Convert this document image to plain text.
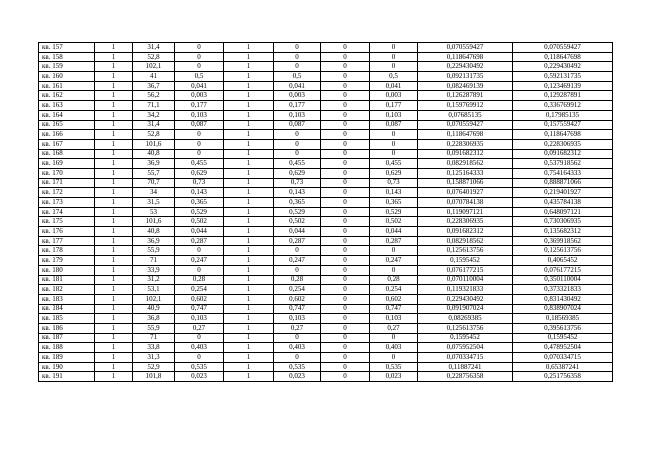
кв. 157	1	31,4	0	1	0	0	0	0,070559427	0,070559427
кв. 158	1	52,8	0	1	0	0	0	0,118647698	0,118647698
кв. 159	1	102,1	0	1	0	0	0	0,229430492	0,229430492
кв. 160	1	41	0,5	1	0,5	0	0,5	0,092131735	0,592131735
кв. 161	1	36,7	0,041	1	0,041	0	0,041	0,082469139	0,123469139
кв. 162	1	56,2	0,003	1	0,003	0	0,003	0,126287891	0,129287891
кв. 163	1	71,1	0,177	1	0,177	0	0,177	0,159769912	0,336769912
кв. 164	1	34,2	0,103	1	0,103	0	0,103	0,07685135	0,17985135
кв. 165	1	31,4	0,087	1	0,087	0	0,087	0,070559427	0,157559427
кв. 166	1	52,8	0	1	0	0	0	0,118647698	0,118647698
кв. 167	1	101,6	0	1	0	0	0	0,228306935	0,228306935
кв. 168	1	40,8	0	1	0	0	0	0,091682312	0,091682312
кв. 169	1	36,9	0,455	1	0,455	0	0,455	0,082918562	0,537918562
кв. 170	1	55,7	0,629	1	0,629	0	0,629	0,125164333	0,754164333
кв. 171	1	70,7	0,73	1	0,73	0	0,73	0,158871066	0,888871066
кв. 172	1	34	0,143	1	0,143	0	0,143	0,076401927	0,219401927
кв. 173	1	31,5	0,365	1	0,365	0	0,365	0,070784138	0,435784138
кв. 174	1	53	0,529	1	0,529	0	0,529	0,119097121	0,648097121
кв. 175	1	101,6	0,502	1	0,502	0	0,502	0,228306935	0,730306935
кв. 176	1	40,8	0,044	1	0,044	0	0,044	0,091682312	0,135682312
кв. 177	1	36,9	0,287	1	0,287	0	0,287	0,082918562	0,369918562
кв. 178	1	55,9	0	1	0	0	0	0,125613756	0,125613756
кв. 179	1	71	0,247	1	0,247	0	0,247	0,1595452	0,4065452
кв. 180	1	33,9	0	1	0	0	0	0,076177215	0,076177215
кв. 181	1	31,2	0,28	1	0,28	0	0,28	0,070110004	0,350110004
кв. 182	1	53,1	0,254	1	0,254	0	0,254	0,119321833	0,373321833
кв. 183	1	102,1	0,602	1	0,602	0	0,602	0,229430492	0,831430492
кв. 184	1	40,9	0,747	1	0,747	0	0,747	0,091907024	0,838907024
кв. 185	1	36,8	0,103	1	0,103	0	0,103	0,08269385	0,18569385
кв. 186	1	55,9	0,27	1	0,27	0	0,27	0,125613756	0,395613756
кв. 187	1	71	0	1	0	0	0	0,1595452	0,1595452
кв. 188	1	33,8	0,403	1	0,403	0	0,403	0,075952504	0,478952504
кв. 189	1	31,3	0	1	0	0	0	0,070334715	0,070334715
кв. 190	1	52,9	0,535	1	0,535	0	0,535	0,11887241	0,65387241
кв. 191	1	101,8	0,023	1	0,023	0	0,023	0,228756358	0,251756358
